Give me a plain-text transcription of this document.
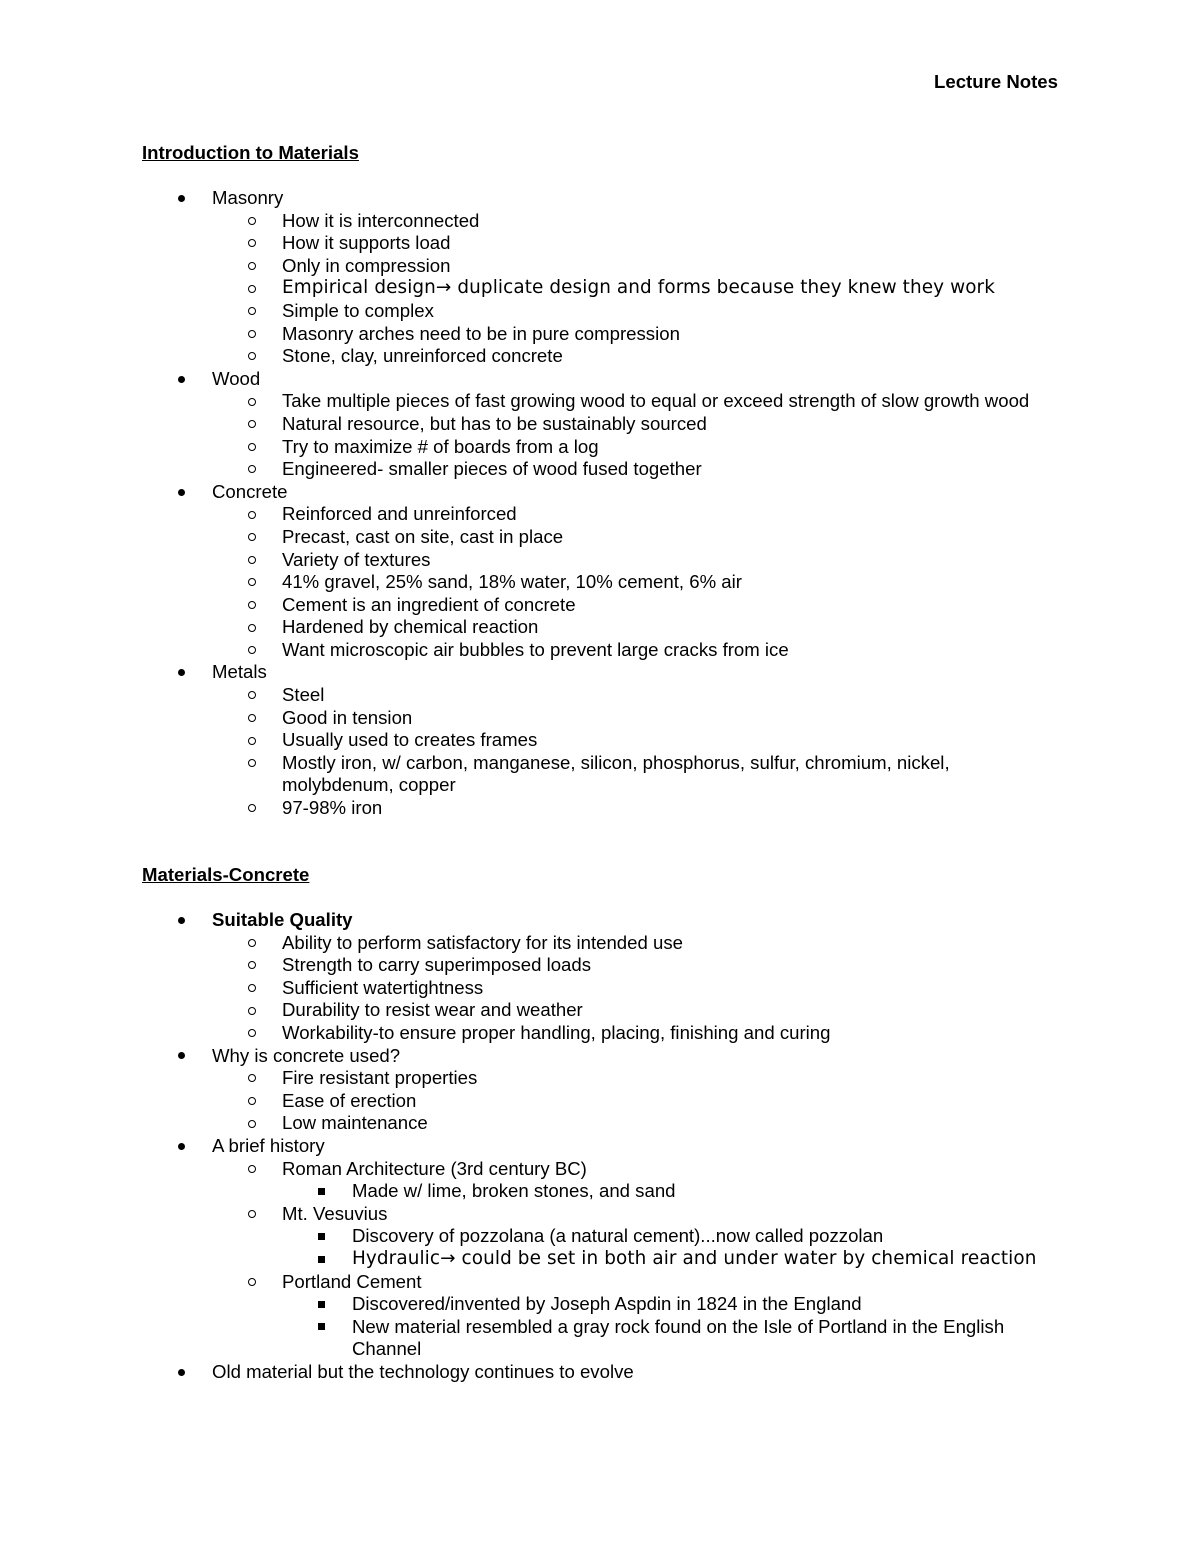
Lecture Notes
Introduction to Materials
Masonry
How it is interconnected
How it supports load
Only in compression
Empirical design→ duplicate design and forms because they knew they work
Simple to complex
Masonry arches need to be in pure compression
Stone, clay, unreinforced concrete
Wood
Take multiple pieces of fast growing wood to equal or exceed strength of slow growth wood
Natural resource, but has to be sustainably sourced
Try to maximize # of boards from a log
Engineered- smaller pieces of wood fused together
Concrete
Reinforced and unreinforced
Precast, cast on site, cast in place
Variety of textures
41% gravel, 25% sand, 18% water, 10% cement, 6% air
Cement is an ingredient of concrete
Hardened by chemical reaction
Want microscopic air bubbles to prevent large cracks from ice
Metals
Steel
Good in tension
Usually used to creates frames
Mostly iron, w/ carbon, manganese, silicon, phosphorus, sulfur, chromium, nickel, molybdenum, copper
97-98% iron
Materials-Concrete
Suitable Quality
Ability to perform satisfactory for its intended use
Strength to carry superimposed loads
Sufficient watertightness
Durability to resist wear and weather
Workability-to ensure proper handling, placing, finishing and curing
Why is concrete used?
Fire resistant properties
Ease of erection
Low maintenance
A brief history
Roman Architecture (3rd century BC)
Made w/ lime, broken stones, and sand
Mt. Vesuvius
Discovery of pozzolana (a natural cement)...now called pozzolan
Hydraulic→ could be set in both air and under water by chemical reaction
Portland Cement
Discovered/invented by Joseph Aspdin in 1824 in the England
New material resembled a gray rock found on the Isle of Portland in the English Channel
Old material but the technology continues to evolve
